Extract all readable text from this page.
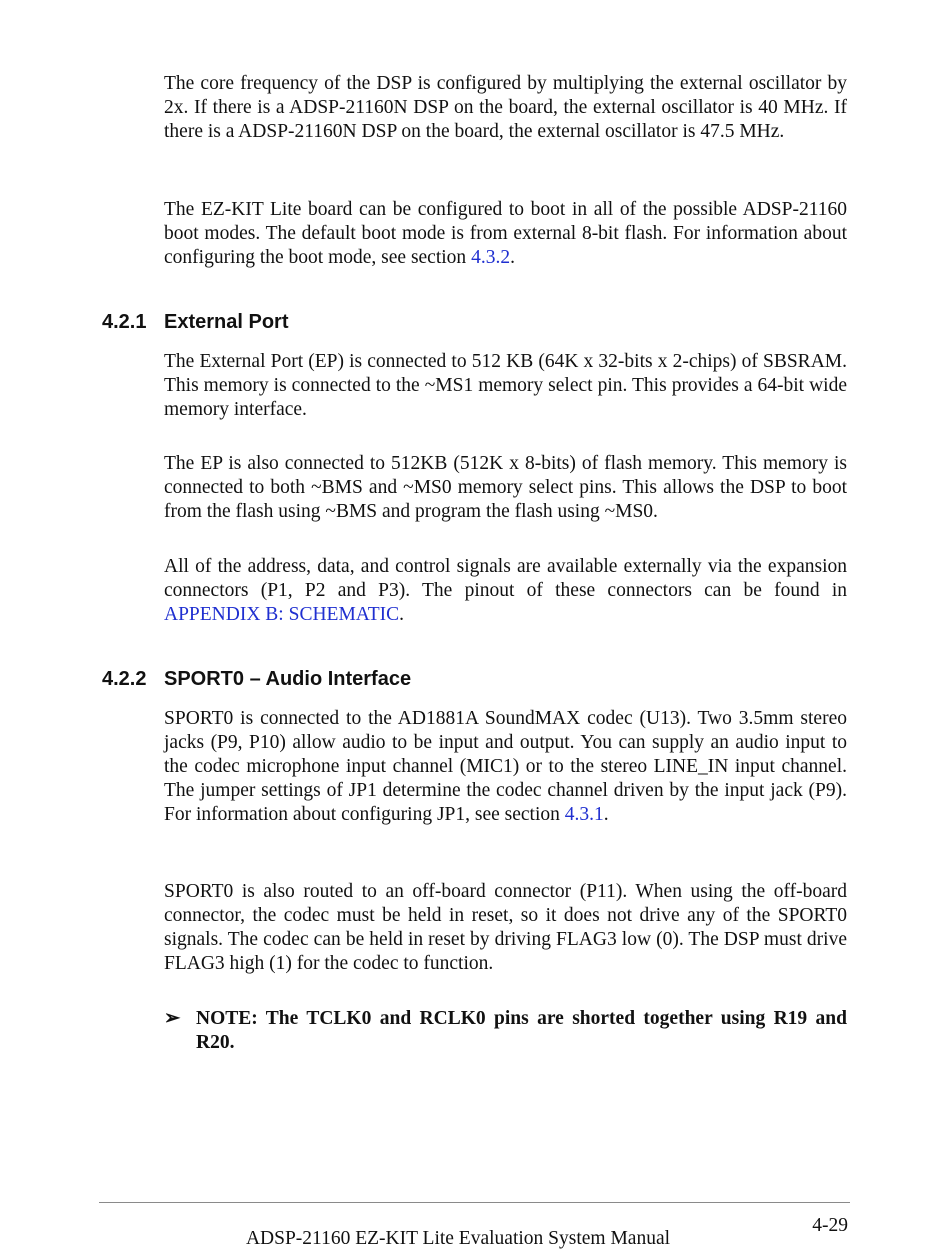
The core frequency of the DSP is configured by multiplying the external oscillator by 2x. If there is a ADSP-21160N DSP on the board, the external oscillator is 40 MHz. If there is a ADSP-21160N DSP on the board, the external oscillator is 47.5 MHz.

The EZ-KIT Lite board can be configured to boot in all of the possible ADSP-21160 boot modes. The default boot mode is from external 8-bit flash. For information about configuring the boot mode, see section 4.3.2.

4.2.1 External Port

The External Port (EP) is connected to 512 KB (64K x 32-bits x 2-chips) of SBSRAM. This memory is connected to the ~MS1 memory select pin. This provides a 64-bit wide memory interface.

The EP is also connected to 512KB (512K x 8-bits) of flash memory. This memory is connected to both ~BMS and ~MS0 memory select pins. This allows the DSP to boot from the flash using ~BMS and program the flash using ~MS0.

All of the address, data, and control signals are available externally via the expansion connectors (P1, P2 and P3). The pinout of these connectors can be found in APPENDIX B: SCHEMATIC.

4.2.2 SPORT0 – Audio Interface

SPORT0 is connected to the AD1881A SoundMAX codec (U13). Two 3.5mm stereo jacks (P9, P10) allow audio to be input and output. You can supply an audio input to the codec microphone input channel (MIC1) or to the stereo LINE_IN input channel. The jumper settings of JP1 determine the codec channel driven by the input jack (P9). For information about configuring JP1, see section 4.3.1.

SPORT0 is also routed to an off-board connector (P11). When using the off-board connector, the codec must be held in reset, so it does not drive any of the SPORT0 signals. The codec can be held in reset by driving FLAG3 low (0). The DSP must drive FLAG3 high (1) for the codec to function.

➢ NOTE: The TCLK0 and RCLK0 pins are shorted together using R19 and R20.
4-29
ADSP-21160 EZ-KIT Lite Evaluation System Manual
